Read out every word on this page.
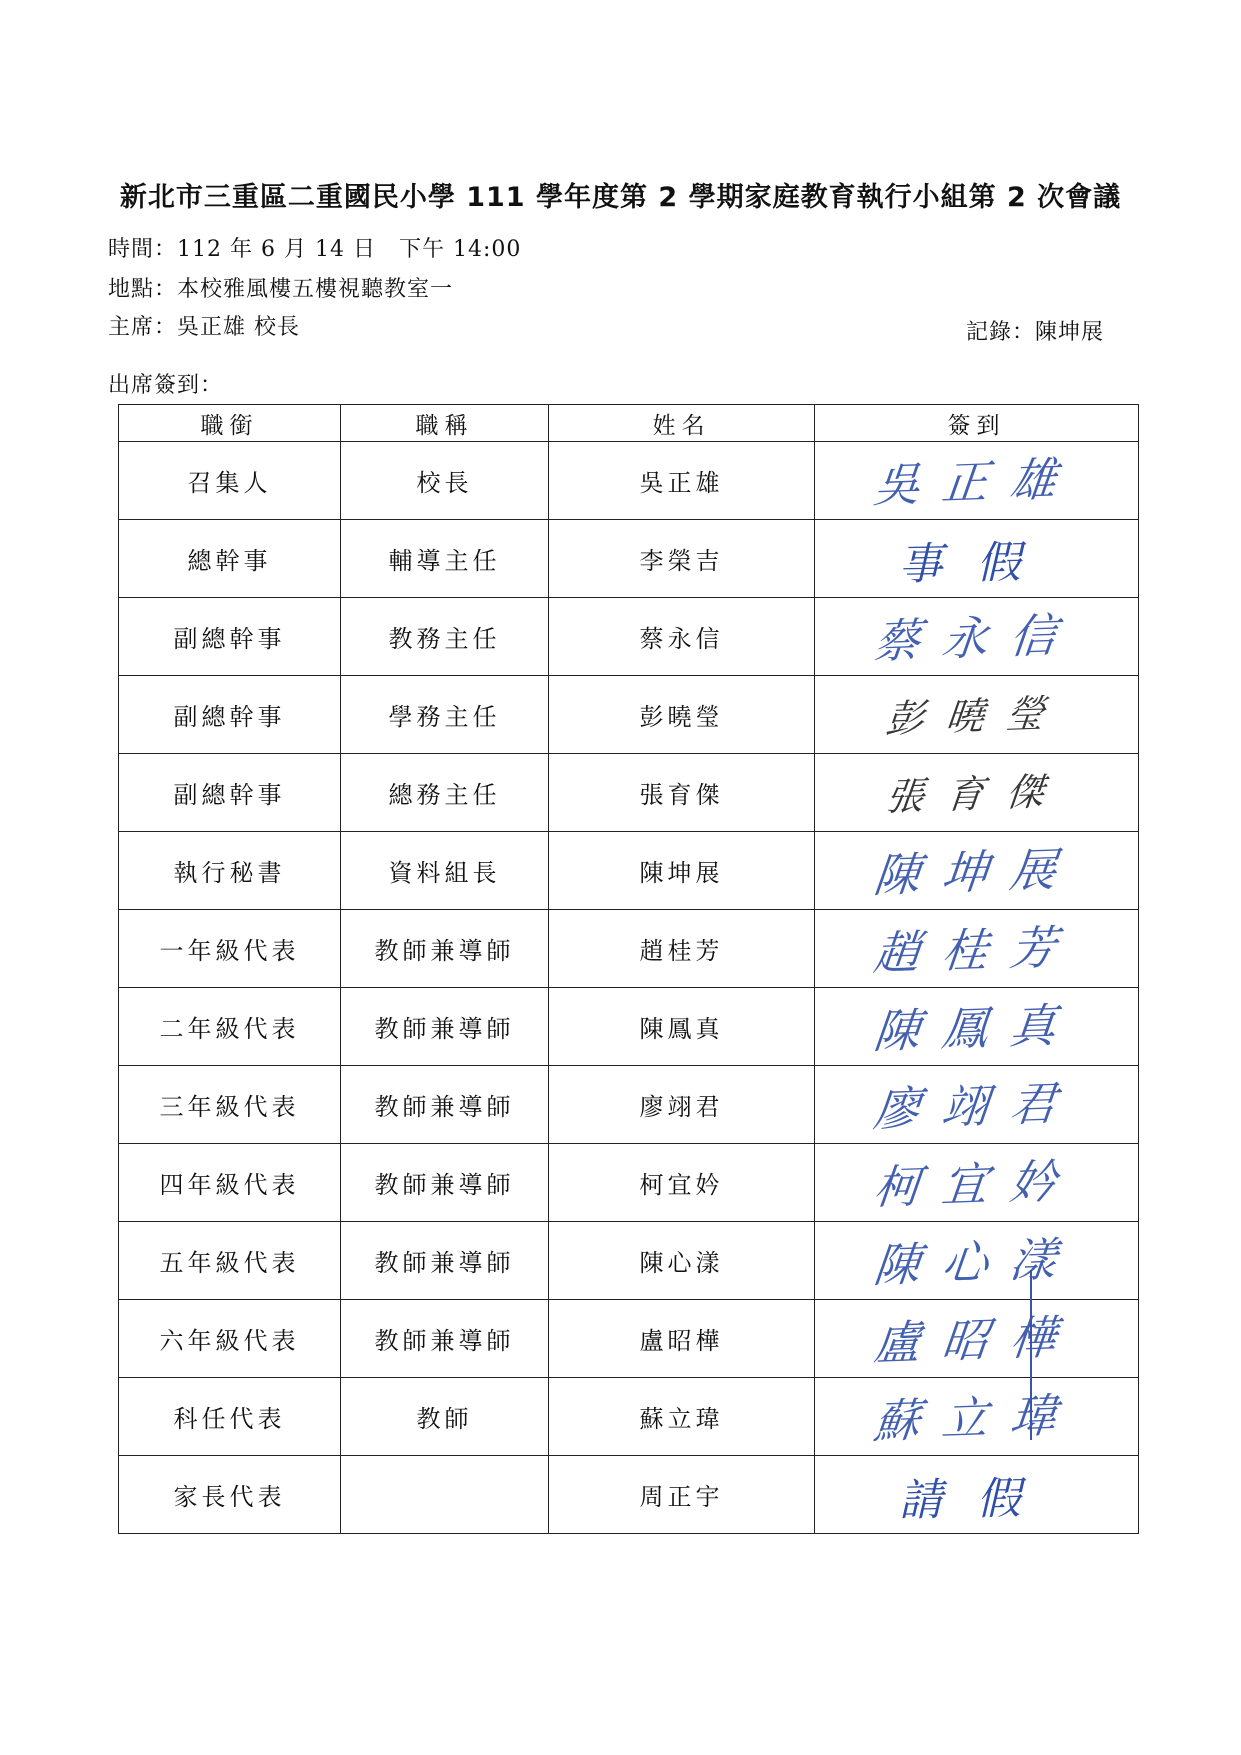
新北市三重區二重國民小學 111 學年度第 2 學期家庭教育執行小組第 2 次會議
時間：112 年 6 月 14 日　下午 14:00
地點：本校雅風樓五樓視聽教室一
主席：吳正雄 校長	記錄：陳坤展
出席簽到：
職銜	職稱	姓名	簽到
召集人	校長	吳正雄	吳正雄

總幹事	輔導主任	李榮吉	事假

副總幹事	教務主任	蔡永信	蔡永信

副總幹事	學務主任	彭曉瑩	彭曉瑩

副總幹事	總務主任	張育傑	張育傑

執行秘書	資料組長	陳坤展	陳坤展

一年級代表	教師兼導師	趙桂芳	趙桂芳

二年級代表	教師兼導師	陳鳳真	陳鳳真

三年級代表	教師兼導師	廖翊君	廖翊君

四年級代表	教師兼導師	柯宜妗	柯宜妗

五年級代表	教師兼導師	陳心漾	陳心漾

六年級代表	教師兼導師	盧昭樺	盧昭樺

科任代表	教師	蘇立瑋	蘇立瑋

家長代表		周正宇	請假
